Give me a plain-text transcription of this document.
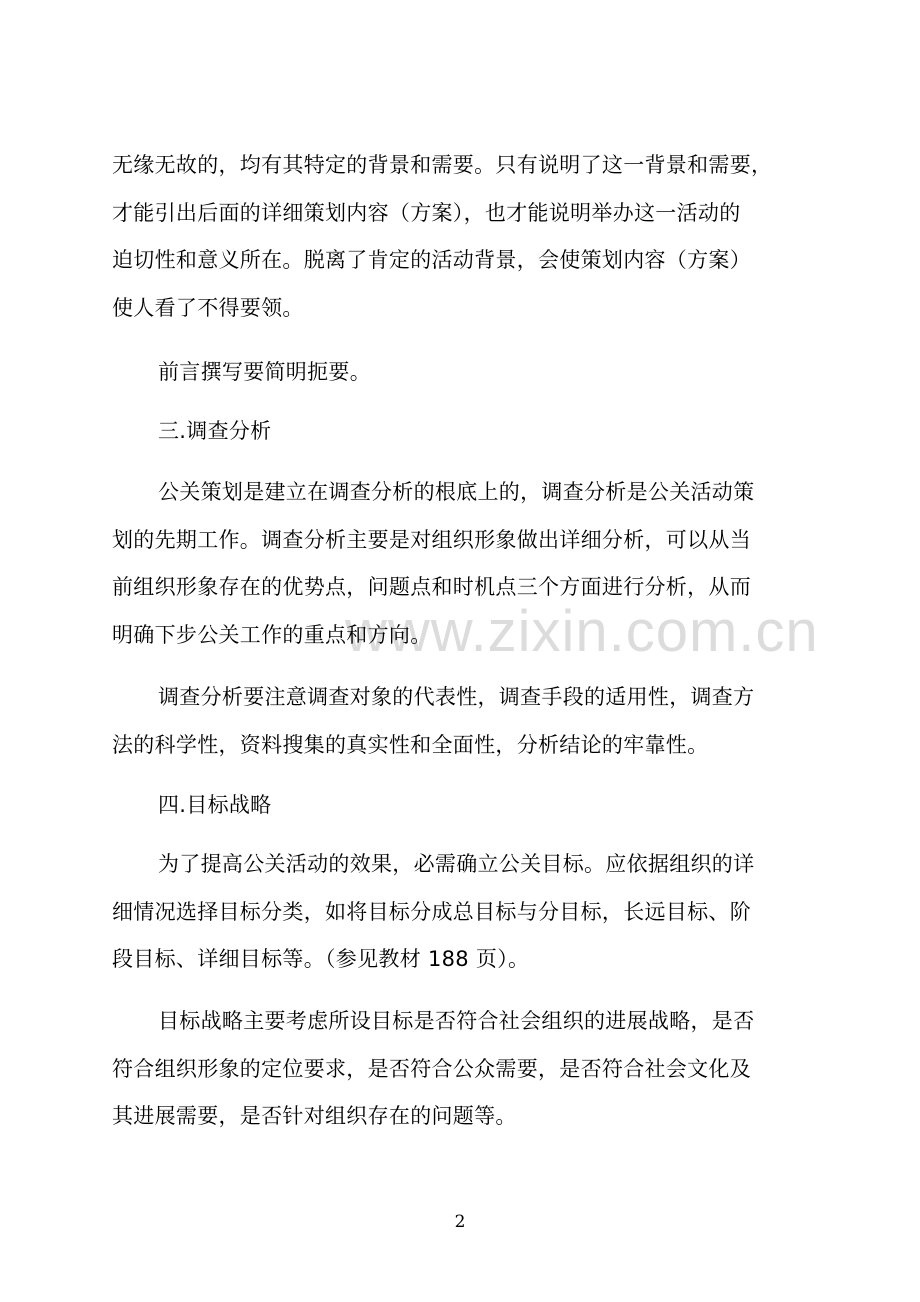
www.zixin.com.cn
无缘无故的，均有其特定的背景和需要。只有说明了这一背景和需要，
才能引出后面的详细策划内容（方案），也才能说明举办这一活动的
迫切性和意义所在。脱离了肯定的活动背景，会使策划内容（方案）
使人看了不得要领。
前言撰写要简明扼要。
三.调查分析
公关策划是建立在调查分析的根底上的，调查分析是公关活动策
划的先期工作。调查分析主要是对组织形象做出详细分析，可以从当
前组织形象存在的优势点，问题点和时机点三个方面进行分析，从而
明确下步公关工作的重点和方向。
调查分析要注意调查对象的代表性，调查手段的适用性，调查方
法的科学性，资料搜集的真实性和全面性，分析结论的牢靠性。
四.目标战略
为了提高公关活动的效果，必需确立公关目标。应依据组织的详
细情况选择目标分类，如将目标分成总目标与分目标，长远目标、阶
段目标、详细目标等。（参见教材 188 页）。
目标战略主要考虑所设目标是否符合社会组织的进展战略，是否
符合组织形象的定位要求，是否符合公众需要，是否符合社会文化及
其进展需要，是否针对组织存在的问题等。
2
